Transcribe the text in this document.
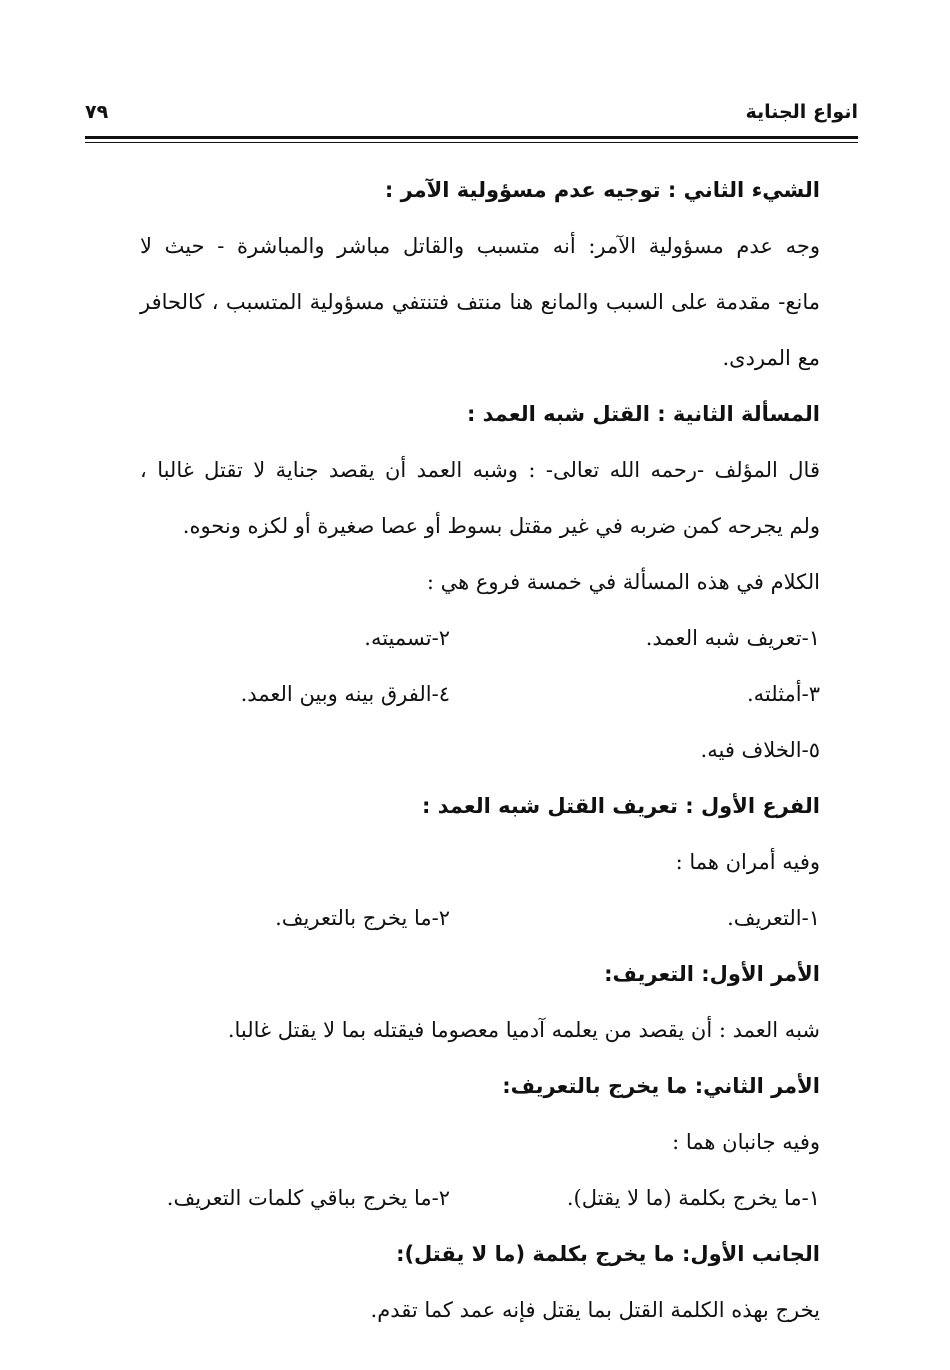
انواع الجناية
٧٩
الشيء الثاني : توجيه عدم مسؤولية الآمر :
وجه عدم مسؤولية الآمر: أنه متسبب والقاتل مباشر والمباشرة - حيث لا
مانع- مقدمة على السبب والمانع هنا منتف فتنتفي مسؤولية المتسبب ، كالحافر
مع المردى.
المسألة الثانية : القتل شبه العمد :
قال المؤلف -رحمه الله تعالى- : وشبه العمد أن يقصد جناية لا تقتل غالبا ،
ولم يجرحه كمن ضربه في غير مقتل بسوط أو عصا صغيرة أو لكزه ونحوه.
الكلام في هذه المسألة في خمسة فروع هي :
١-تعريف شبه العمد.
٢-تسميته.
٣-أمثلته.
٤-الفرق بينه وبين العمد.
٥-الخلاف فيه.
الفرع الأول : تعريف القتل شبه العمد :
وفيه أمران هما :
١-التعريف.
٢-ما يخرج بالتعريف.
الأمر الأول: التعريف:
شبه العمد : أن يقصد من يعلمه آدميا معصوما فيقتله بما لا يقتل غالبا.
الأمر الثاني: ما يخرج بالتعريف:
وفيه جانبان هما :
١-ما يخرج بكلمة (ما لا يقتل).
٢-ما يخرج بباقي كلمات التعريف.
الجانب الأول: ما يخرج بكلمة (ما لا يقتل):
يخرج بهذه الكلمة القتل بما يقتل فإنه عمد كما تقدم.
